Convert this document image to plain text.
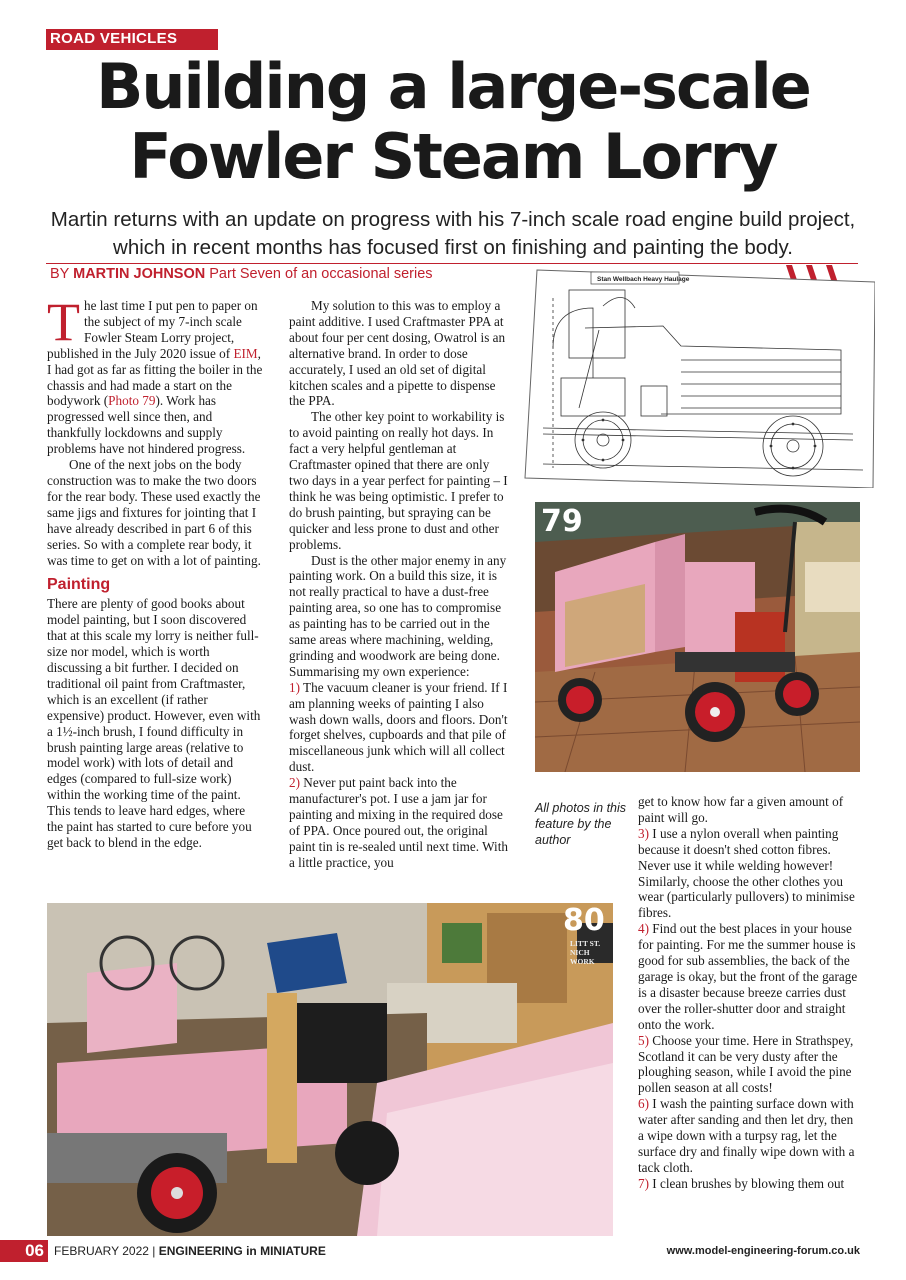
ROAD VEHICLES
Building a large-scale
Fowler Steam Lorry

Martin returns with an update on progress with his 7-inch scale road engine build project, which in recent months has focused first on finishing and painting the body.

BY MARTIN JOHNSON Part Seven of an occasional series

The last time I put pen to paper on the subject of my 7-inch scale Fowler Steam Lorry project, published in the July 2020 issue of EIM, I had got as far as fitting the boiler in the chassis and had made a start on the bodywork (Photo 79). Work has progressed well since then, and thankfully lockdowns and supply problems have not hindered progress.

One of the next jobs on the body construction was to make the two doors for the rear body. These used exactly the same jigs and fixtures for jointing that I have already described in part 6 of this series. So with a complete rear body, it was time to get on with a lot of painting.

Painting

There are plenty of good books about model painting, but I soon discovered that at this scale my lorry is neither full-size nor model, which is worth discussing a bit further. I decided on traditional oil paint from Craftmaster, which is an excellent (if rather expensive) product. However, even with a 1½-inch brush, I found difficulty in brush painting large areas (relative to model work) with lots of detail and edges (compared to full-size work) within the working time of the paint. This tends to leave hard edges, where the paint has started to cure before you get back to blend in the edge.

My solution to this was to employ a paint additive. I used Craftmaster PPA at about four per cent dosing, Owatrol is an alternative brand. In order to dose accurately, I used an old set of digital kitchen scales and a pipette to dispense the PPA.

The other key point to workability is to avoid painting on really hot days. In fact a very helpful gentleman at Craftmaster opined that there are only two days in a year perfect for painting – I think he was being optimistic. I prefer to do brush painting, but spraying can be quicker and less prone to dust and other problems.

Dust is the other major enemy in any painting work. On a build this size, it is not really practical to have a dust-free painting area, so one has to compromise as painting has to be carried out in the same areas where machining, welding, grinding and woodwork are being done. Summarising my own experience:

1) The vacuum cleaner is your friend. If I am planning weeks of painting I also wash down walls, doors and floors. Don't forget shelves, cupboards and that pile of miscellaneous junk which will all collect dust.

2) Never put paint back into the manufacturer's pot. I use a jam jar for painting and mixing in the required dose of PPA. Once poured out, the original paint tin is re-sealed until next time. With a little practice, you

get to know how far a given amount of paint will go.

3) I use a nylon overall when painting because it doesn't shed cotton fibres. Never use it while welding however! Similarly, choose the other clothes you wear (particularly pullovers) to minimise fibres.

4) Find out the best places in your house for painting. For me the summer house is good for sub assemblies, the back of the garage is okay, but the front of the garage is a disaster because breeze carries dust over the roller-shutter door and straight onto the work.

5) Choose your time. Here in Strathspey, Scotland it can be very dusty after the ploughing season, while I avoid the pine pollen season at all costs!

6) I wash the painting surface down with water after sanding and then let dry, then a wipe down with a turpsy rag, let the surface dry and finally wipe down with a tack cloth.

7) I clean brushes by blowing them out

All photos in this feature by the author
Stan Wellbach Heavy Haulage
79
80
LITT ST. NICH WORK
06 FEBRUARY 2022 | ENGINEERING in MINIATURE	www.model-engineering-forum.co.uk
